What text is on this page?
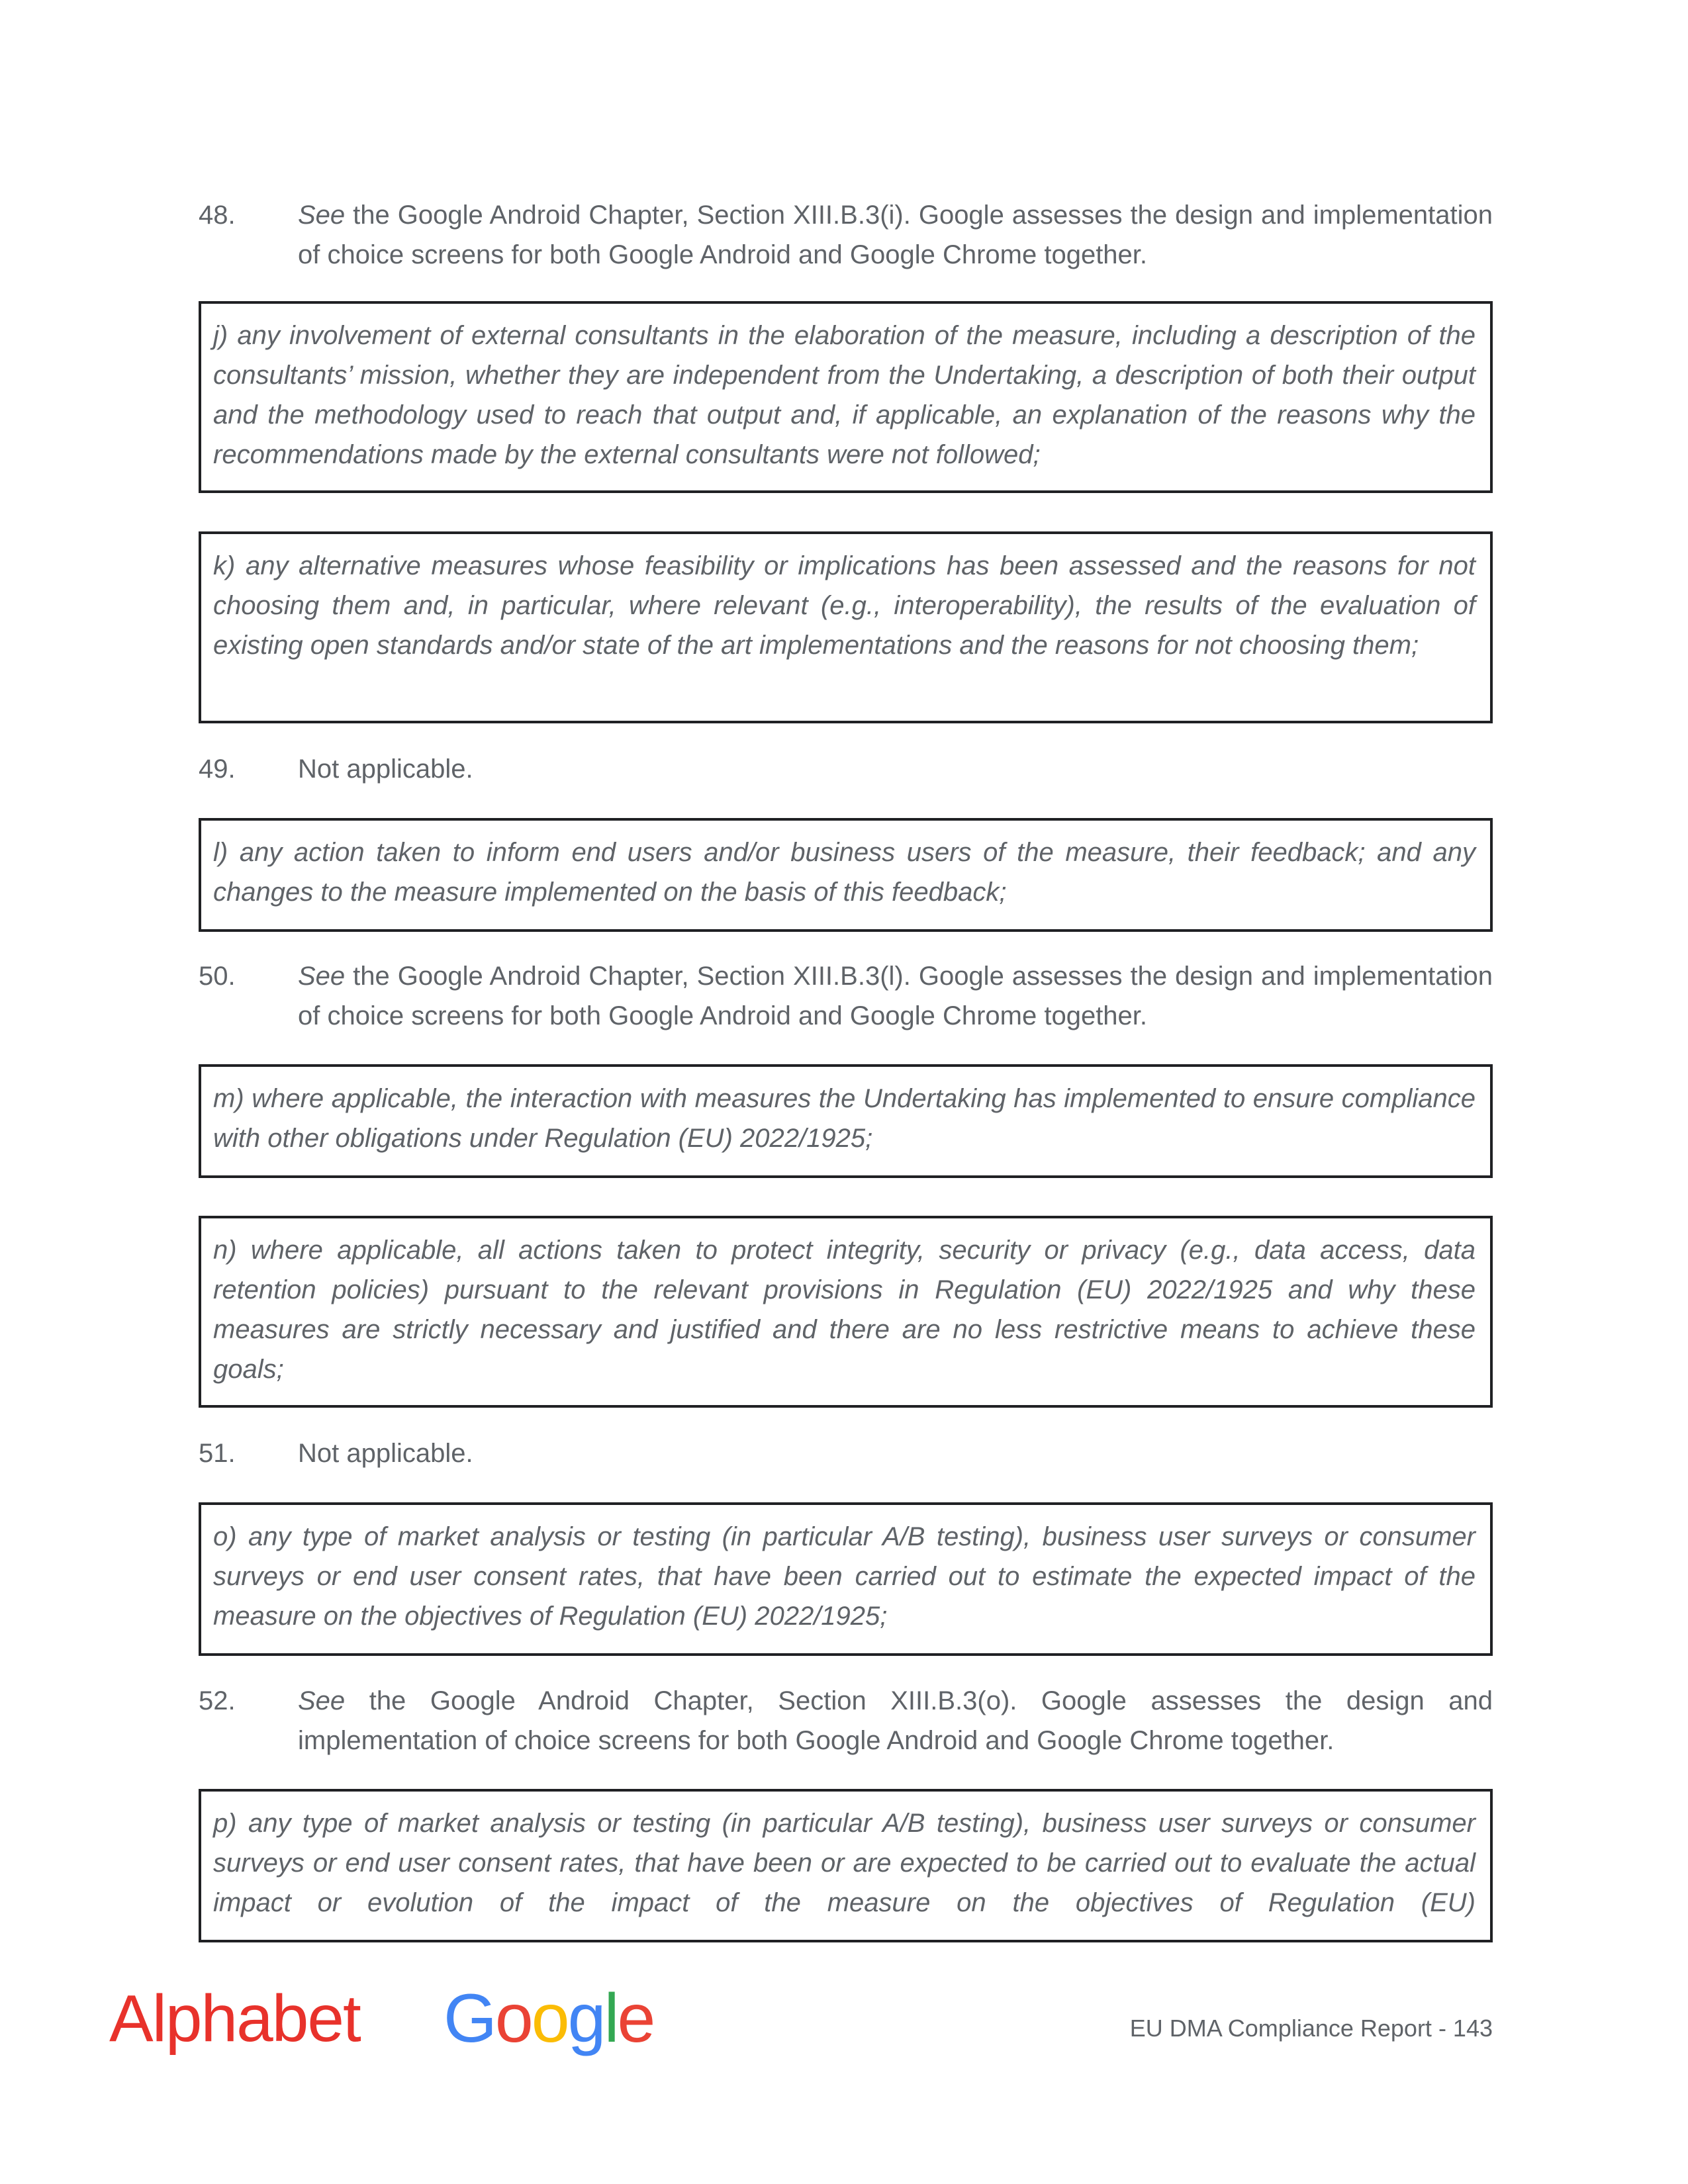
48. See the Google Android Chapter, Section XIII.B.3(i). Google assesses the design and implementation of choice screens for both Google Android and Google Chrome together.
j) any involvement of external consultants in the elaboration of the measure, including a description of the consultants’ mission, whether they are independent from the Undertaking, a description of both their output and the methodology used to reach that output and, if applicable, an explanation of the reasons why the recommendations made by the external consultants were not followed;
k) any alternative measures whose feasibility or implications has been assessed and the reasons for not choosing them and, in particular, where relevant (e.g., interoperability), the results of the evaluation of existing open standards and/or state of the art implementations and the reasons for not choosing them;
49. Not applicable.
l) any action taken to inform end users and/or business users of the measure, their feedback; and any changes to the measure implemented on the basis of this feedback;
50. See the Google Android Chapter, Section XIII.B.3(l). Google assesses the design and implementation of choice screens for both Google Android and Google Chrome together.
m) where applicable, the interaction with measures the Undertaking has implemented to ensure compliance with other obligations under Regulation (EU) 2022/1925;
n) where applicable, all actions taken to protect integrity, security or privacy (e.g., data access, data retention policies) pursuant to the relevant provisions in Regulation (EU) 2022/1925 and why these measures are strictly necessary and justified and there are no less restrictive means to achieve these goals;
51. Not applicable.
o) any type of market analysis or testing (in particular A/B testing), business user surveys or consumer surveys or end user consent rates, that have been carried out to estimate the expected impact of the measure on the objectives of Regulation (EU) 2022/1925;
52. See the Google Android Chapter, Section XIII.B.3(o). Google assesses the design and implementation of choice screens for both Google Android and Google Chrome together.
p) any type of market analysis or testing (in particular A/B testing), business user surveys or consumer surveys or end user consent rates, that have been or are expected to be carried out to evaluate the actual impact or evolution of the impact of the measure on the objectives of Regulation (EU)
Alphabet Google	EU DMA Compliance Report - 143
